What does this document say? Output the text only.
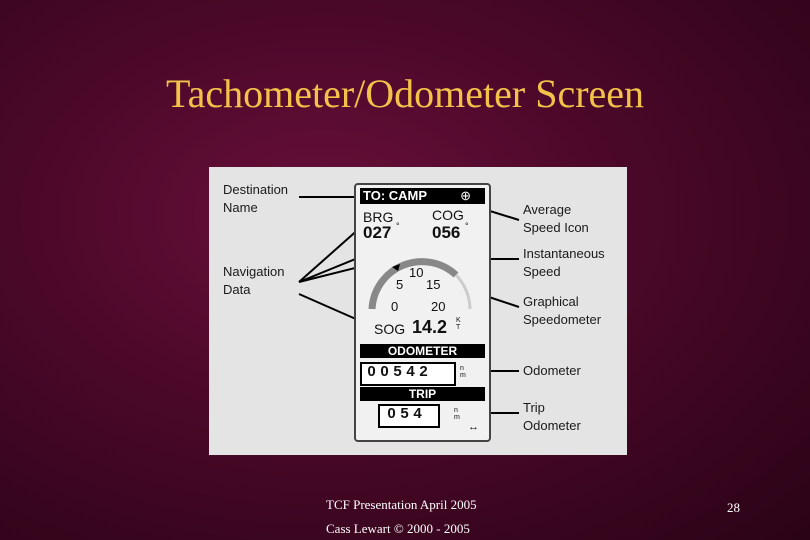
Tachometer/Odometer Screen
Destination
Name
Navigation
Data
Average
Speed Icon
Instantaneous
Speed
Graphical
Speedometer
Odometer
Trip
Odometer
TO: CAMP	⊕
BRG	COG
027 056
°	°
0
5
10
15
20
SOG 14.2 K T
ODOMETER
0 0 5 4 2	n m
TRIP
0 5 4	n m
↔
TCF Presentation April 2005
Cass Lewart © 2000 - 2005
28
